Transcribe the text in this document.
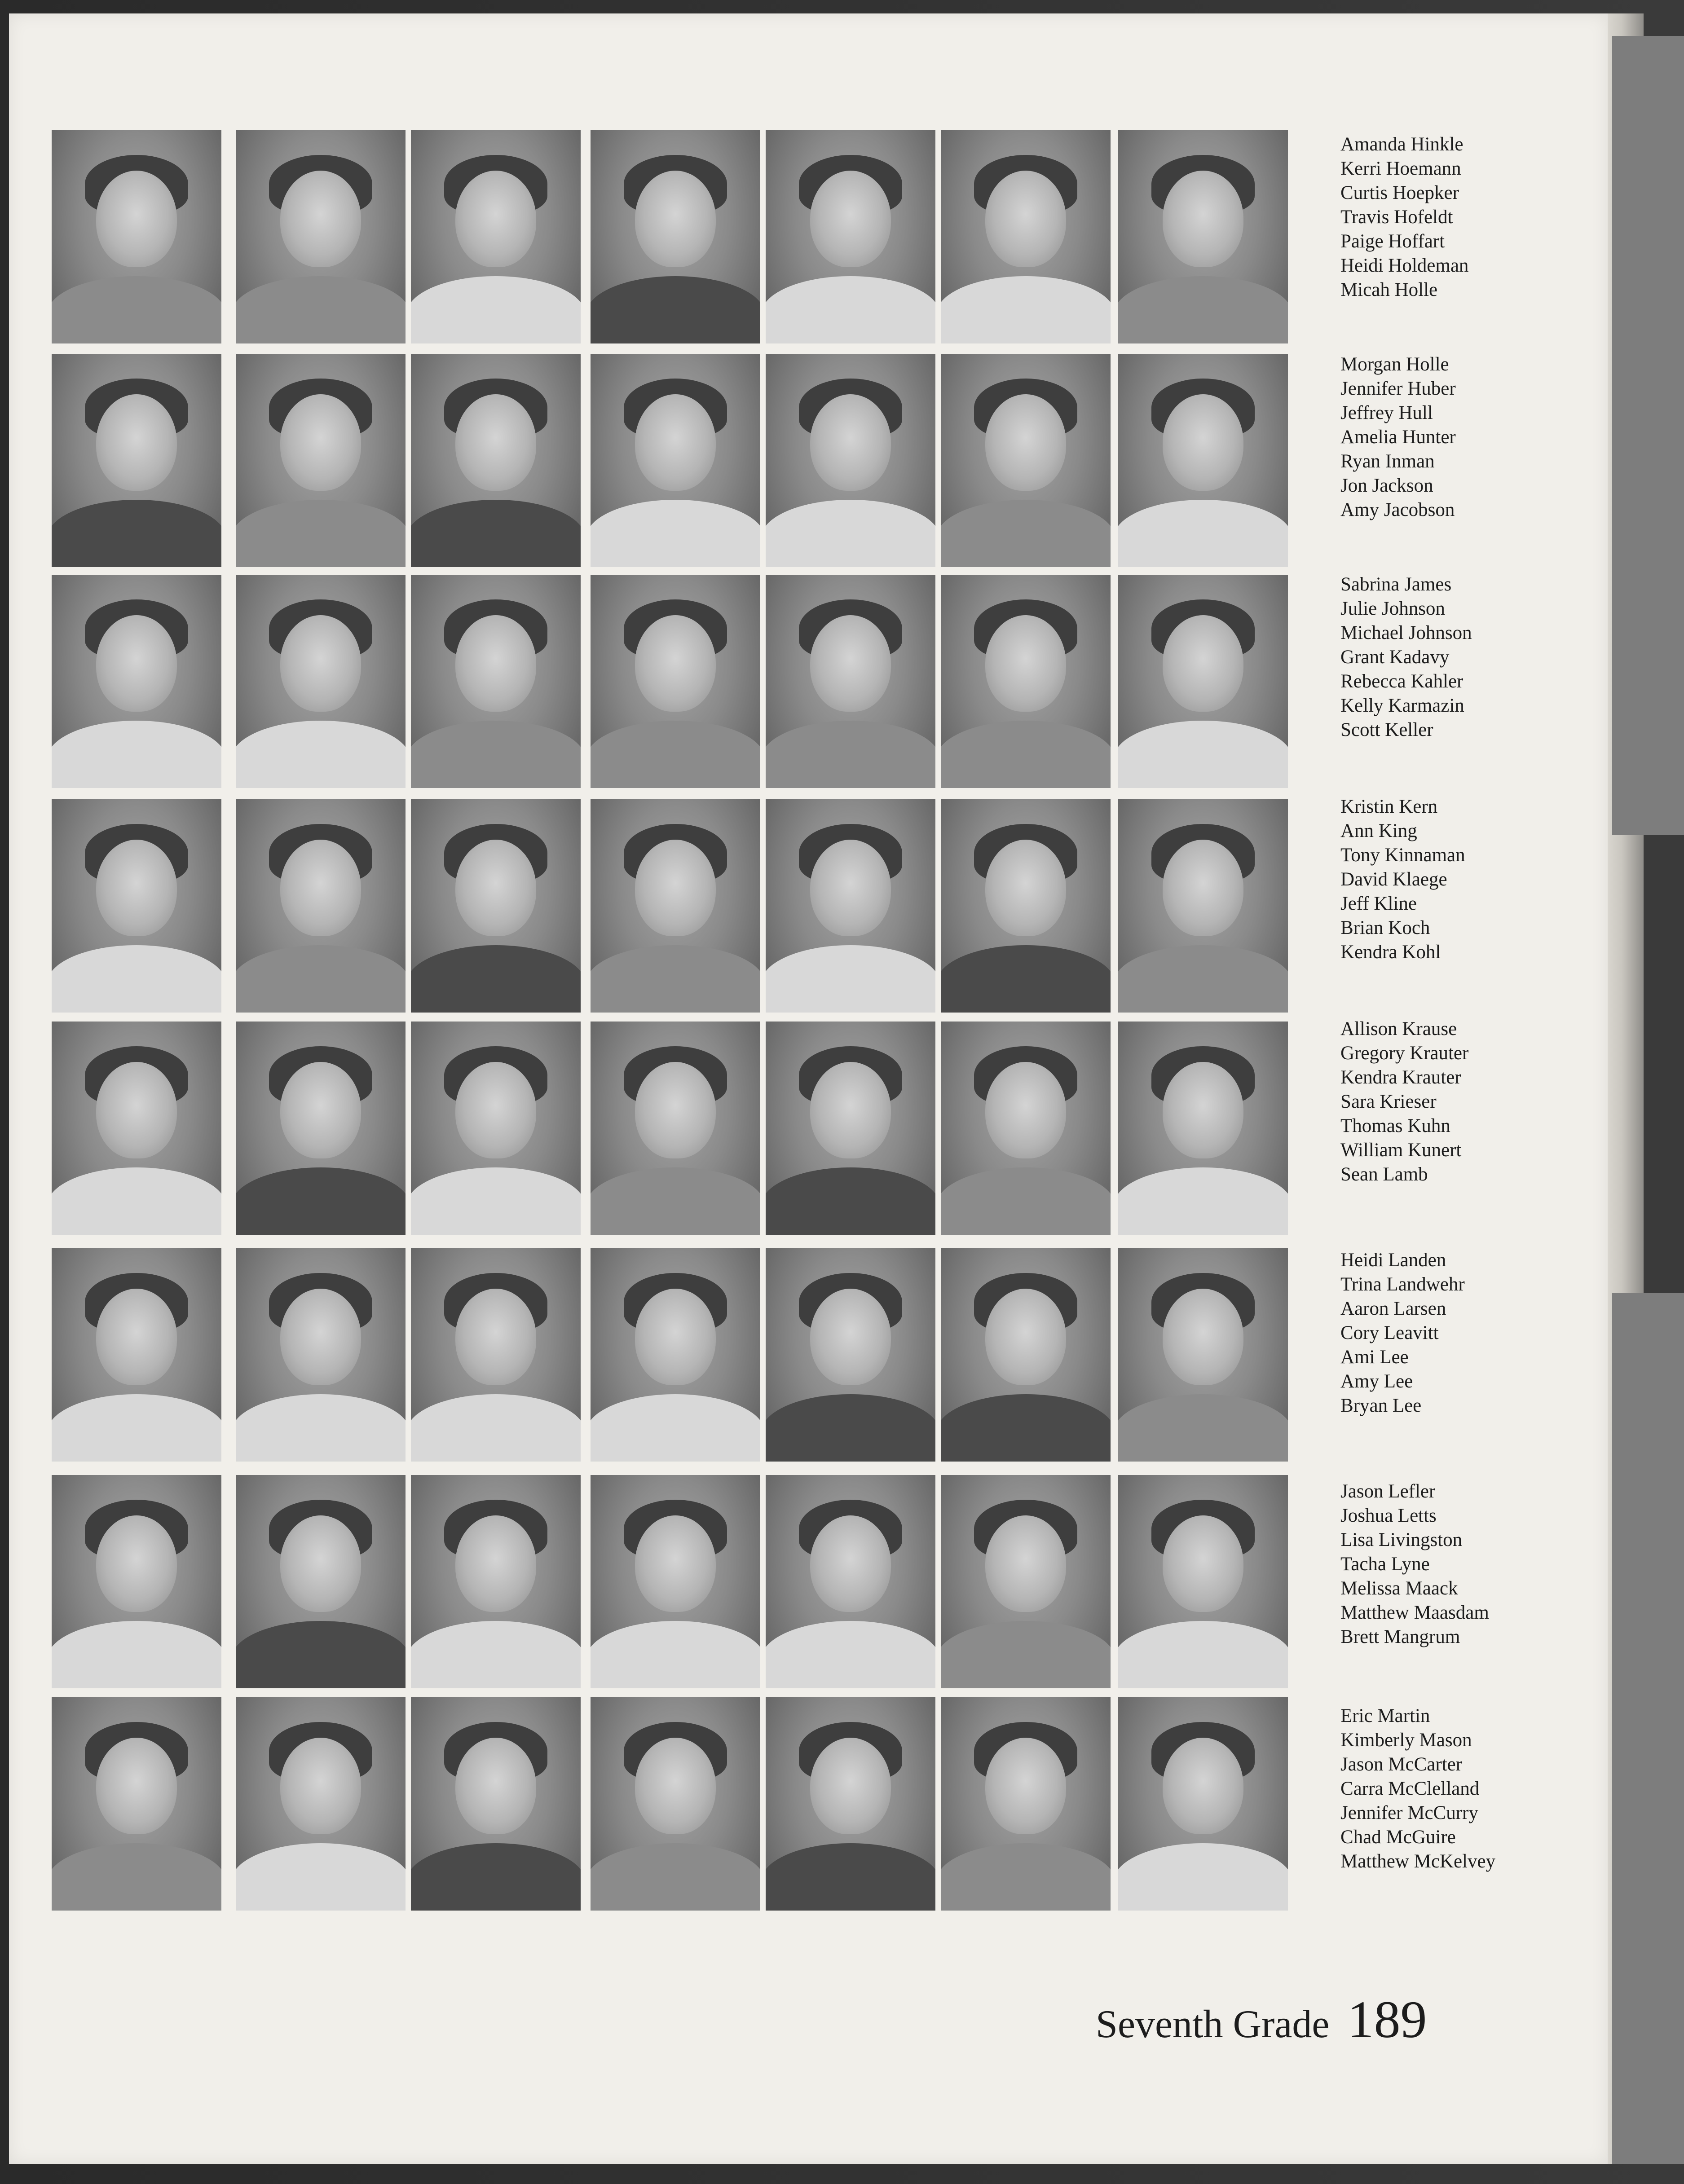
Amanda Hinkle
Kerri Hoemann
Curtis Hoepker
Travis Hofeldt
Paige Hoffart
Heidi Holdeman
Micah Holle
Morgan Holle
Jennifer Huber
Jeffrey Hull
Amelia Hunter
Ryan Inman
Jon Jackson
Amy Jacobson
Sabrina James
Julie Johnson
Michael Johnson
Grant Kadavy
Rebecca Kahler
Kelly Karmazin
Scott Keller
Kristin Kern
Ann King
Tony Kinnaman
David Klaege
Jeff Kline
Brian Koch
Kendra Kohl
Allison Krause
Gregory Krauter
Kendra Krauter
Sara Krieser
Thomas Kuhn
William Kunert
Sean Lamb
Heidi Landen
Trina Landwehr
Aaron Larsen
Cory Leavitt
Ami Lee
Amy Lee
Bryan Lee
Jason Lefler
Joshua Letts
Lisa Livingston
Tacha Lyne
Melissa Maack
Matthew Maasdam
Brett Mangrum
Eric Martin
Kimberly Mason
Jason McCarter
Carra McClelland
Jennifer McCurry
Chad McGuire
Matthew McKelvey
Seventh Grade 189
